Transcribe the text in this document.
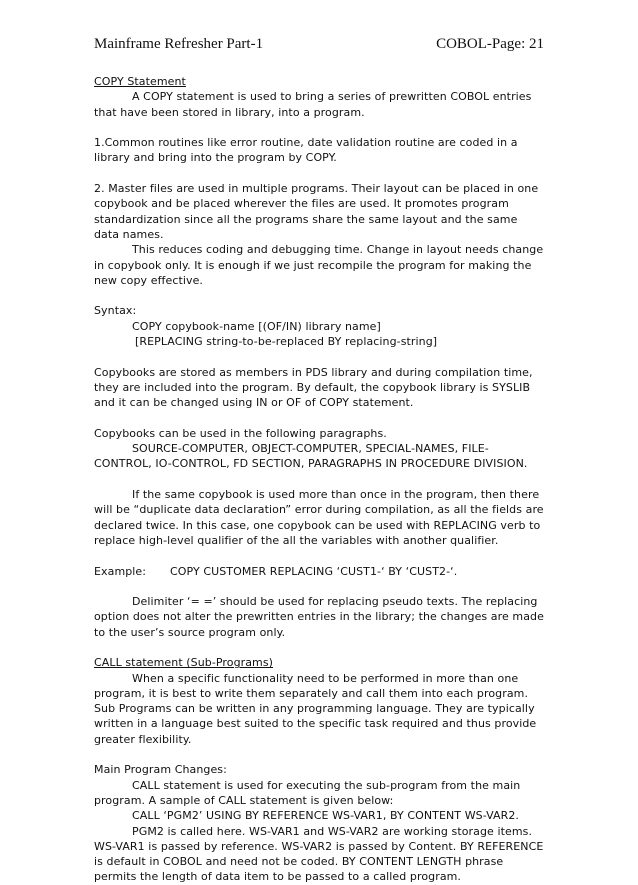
Mainframe Refresher Part-1	COBOL-Page: 21

COPY Statement

A COPY statement is used to bring a series of prewritten COBOL entries that have been stored in library, into a program.

1.Common routines like error routine, date validation routine are coded in a library and bring into the program by COPY.

2. Master files are used in multiple programs. Their layout can be placed in one copybook and be placed wherever the files are used. It promotes program standardization since all the programs share the same layout and the same data names.

This reduces coding and debugging time. Change in layout needs change in copybook only. It is enough if we just recompile the program for making the new copy effective.

Syntax:

COPY copybook-name [(OF/IN) library name]

[REPLACING string-to-be-replaced BY replacing-string]

Copybooks are stored as members in PDS library and during compilation time, they are included into the program. By default, the copybook library is SYSLIB and it can be changed using IN or OF of COPY statement.

Copybooks can be used in the following paragraphs.

SOURCE-COMPUTER, OBJECT-COMPUTER, SPECIAL-NAMES, FILE-CONTROL, IO-CONTROL, FD SECTION, PARAGRAPHS IN PROCEDURE DIVISION.

If the same copybook is used more than once in the program, then there will be “duplicate data declaration” error during compilation, as all the fields are declared twice. In this case, one copybook can be used with REPLACING verb to replace high-level qualifier of the all the variables with another qualifier.

Example: COPY CUSTOMER REPLACING ‘CUST1-‘ BY ‘CUST2-‘.

Delimiter ‘= =’ should be used for replacing pseudo texts. The replacing option does not alter the prewritten entries in the library; the changes are made to the user’s source program only.

CALL statement (Sub-Programs)

When a specific functionality need to be performed in more than one program, it is best to write them separately and call them into each program. Sub Programs can be written in any programming language. They are typically written in a language best suited to the specific task required and thus provide greater flexibility.

Main Program Changes:

CALL statement is used for executing the sub-program from the main program. A sample of CALL statement is given below:

CALL ‘PGM2’ USING BY REFERENCE WS-VAR1, BY CONTENT WS-VAR2.

PGM2 is called here. WS-VAR1 and WS-VAR2 are working storage items. WS-VAR1 is passed by reference. WS-VAR2 is passed by Content. BY REFERENCE is default in COBOL and need not be coded. BY CONTENT LENGTH phrase permits the length of data item to be passed to a called program.
